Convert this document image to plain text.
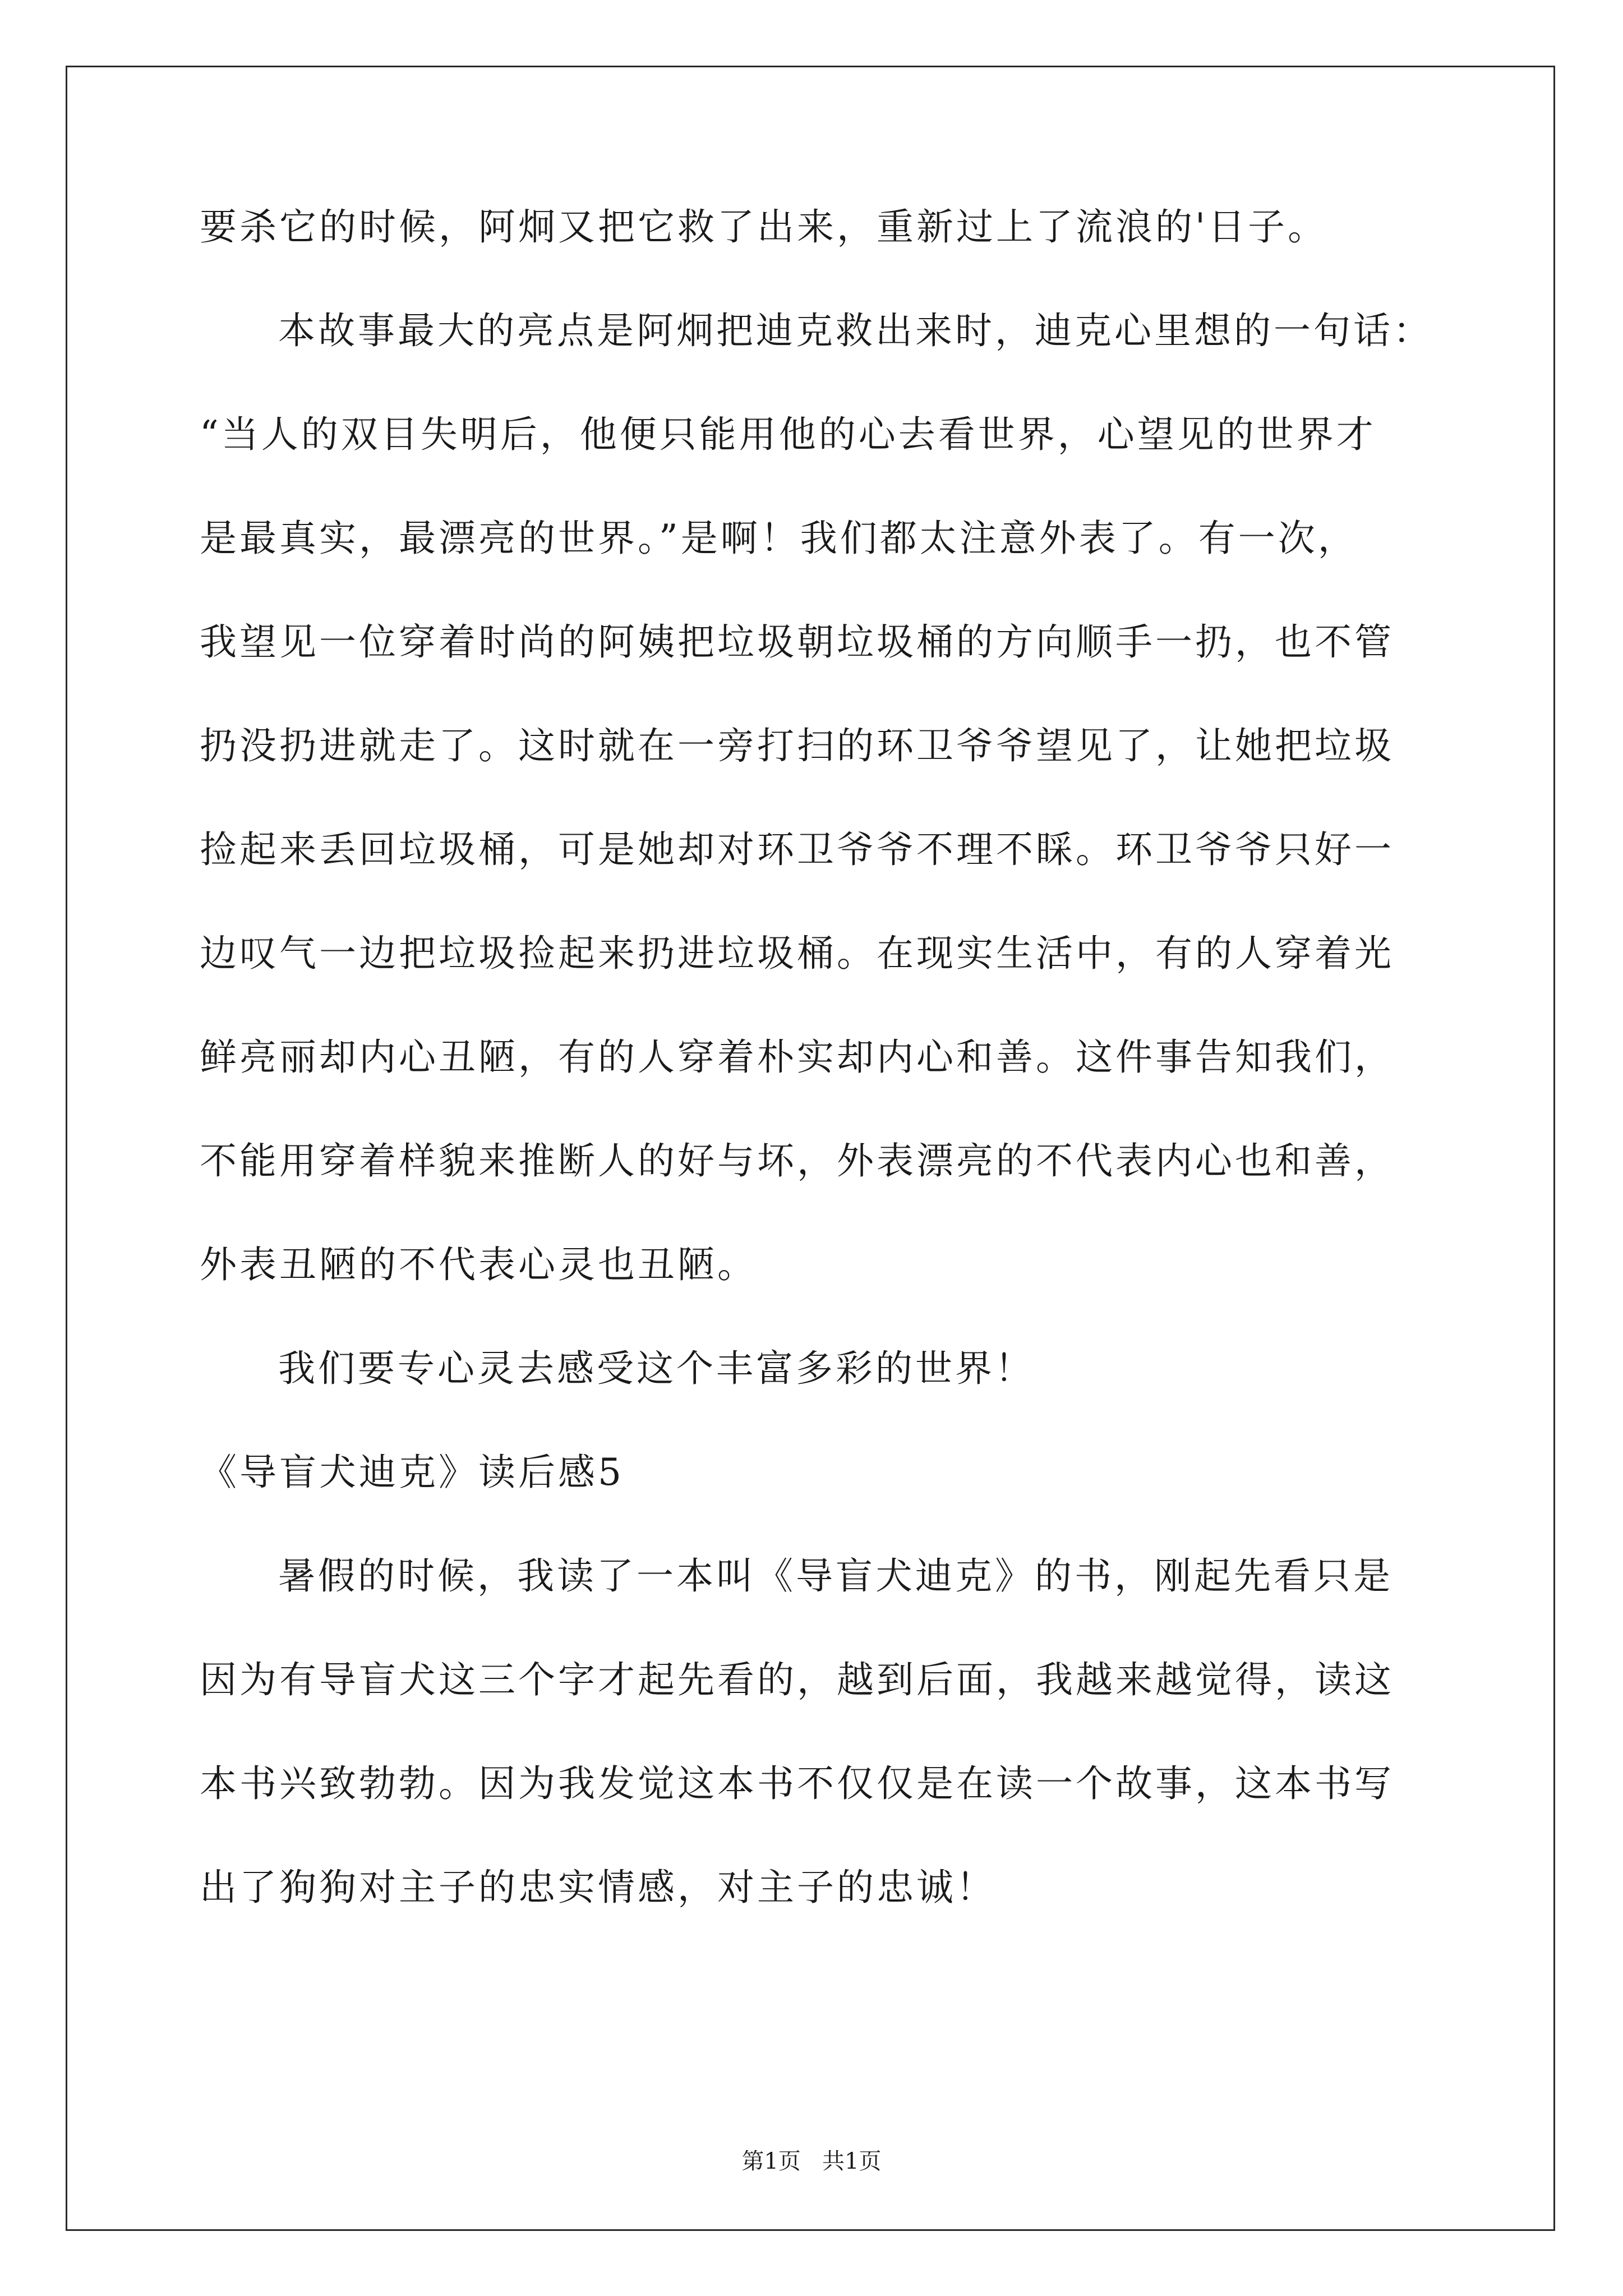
要杀它的时候，阿炯又把它救了出来，重新过上了流浪的'日子。
本故事最大的亮点是阿炯把迪克救出来时，迪克心里想的一句话：
“当人的双目失明后，他便只能用他的心去看世界，心望见的世界才
是最真实，最漂亮的世界。”是啊！我们都太注意外表了。有一次，
我望见一位穿着时尚的阿姨把垃圾朝垃圾桶的方向顺手一扔，也不管
扔没扔进就走了。这时就在一旁打扫的环卫爷爷望见了，让她把垃圾
捡起来丢回垃圾桶，可是她却对环卫爷爷不理不睬。环卫爷爷只好一
边叹气一边把垃圾捡起来扔进垃圾桶。在现实生活中，有的人穿着光
鲜亮丽却内心丑陋，有的人穿着朴实却内心和善。这件事告知我们，
不能用穿着样貌来推断人的好与坏，外表漂亮的不代表内心也和善，
外表丑陋的不代表心灵也丑陋。
我们要专心灵去感受这个丰富多彩的世界！
《导盲犬迪克》读后感5
暑假的时候，我读了一本叫《导盲犬迪克》的书，刚起先看只是
因为有导盲犬这三个字才起先看的，越到后面，我越来越觉得，读这
本书兴致勃勃。因为我发觉这本书不仅仅是在读一个故事，这本书写
出了狗狗对主子的忠实情感，对主子的忠诚！
第1页   共1页
